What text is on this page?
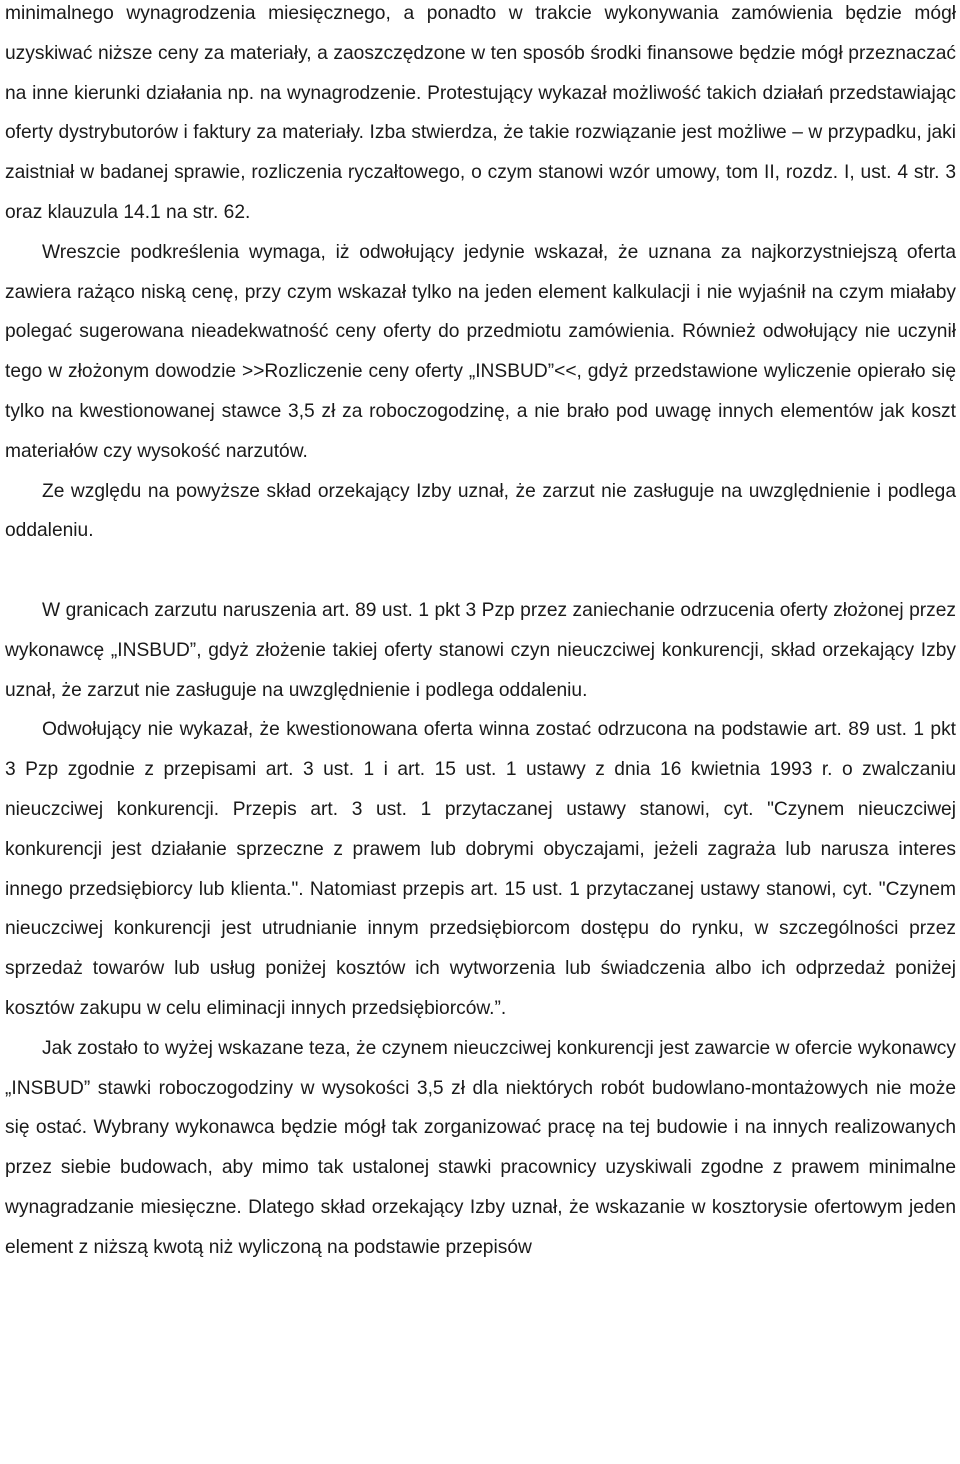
minimalnego wynagrodzenia miesięcznego, a ponadto w trakcie wykonywania zamówienia będzie mógł uzyskiwać niższe ceny za materiały, a zaoszczędzone w ten sposób środki finansowe będzie mógł przeznaczać na inne kierunki działania np. na wynagrodzenie. Protestujący wykazał możliwość takich działań przedstawiając oferty dystrybutorów i faktury za materiały. Izba stwierdza, że takie rozwiązanie jest możliwe – w przypadku, jaki zaistniał w badanej sprawie, rozliczenia ryczałtowego, o czym stanowi wzór umowy, tom II, rozdz. I, ust. 4 str. 3 oraz klauzula 14.1 na str. 62.

Wreszcie podkreślenia wymaga, iż odwołujący jedynie wskazał, że uznana za najkorzystniejszą oferta zawiera rażąco niską cenę, przy czym wskazał tylko na jeden element kalkulacji i nie wyjaśnił na czym miałaby polegać sugerowana nieadekwatność ceny oferty do przedmiotu zamówienia. Również odwołujący nie uczynił tego w złożonym dowodzie >>Rozliczenie ceny oferty „INSBUD”<<, gdyż przedstawione wyliczenie opierało się tylko na kwestionowanej stawce 3,5 zł za roboczogodzinę, a nie brało pod uwagę innych elementów jak koszt materiałów czy wysokość narzutów.

Ze względu na powyższe skład orzekający Izby uznał, że zarzut nie zasługuje na uwzględnienie i podlega oddaleniu.

W granicach zarzutu naruszenia art. 89 ust. 1 pkt 3 Pzp przez zaniechanie odrzucenia oferty złożonej przez wykonawcę „INSBUD”, gdyż złożenie takiej oferty stanowi czyn nieuczciwej konkurencji, skład orzekający Izby uznał, że zarzut nie zasługuje na uwzględnienie i podlega oddaleniu.

Odwołujący nie wykazał, że kwestionowana oferta winna zostać odrzucona na podstawie art. 89 ust. 1 pkt 3 Pzp zgodnie z przepisami art. 3 ust. 1 i art. 15 ust. 1 ustawy z dnia 16 kwietnia 1993 r. o zwalczaniu nieuczciwej konkurencji. Przepis art. 3 ust. 1 przytaczanej ustawy stanowi, cyt. "Czynem nieuczciwej konkurencji jest działanie sprzeczne z prawem lub dobrymi obyczajami, jeżeli zagraża lub narusza interes innego przedsiębiorcy lub klienta.". Natomiast przepis art. 15 ust. 1 przytaczanej ustawy stanowi, cyt. "Czynem nieuczciwej konkurencji jest utrudnianie innym przedsiębiorcom dostępu do rynku, w szczególności przez sprzedaż towarów lub usług poniżej kosztów ich wytworzenia lub świadczenia albo ich odprzedaż poniżej kosztów zakupu w celu eliminacji innych przedsiębiorców.”.

Jak zostało to wyżej wskazane teza, że czynem nieuczciwej konkurencji jest zawarcie w ofercie wykonawcy „INSBUD” stawki roboczogodziny w wysokości 3,5 zł dla niektórych robót budowlano-montażowych nie może się ostać. Wybrany wykonawca będzie mógł tak zorganizować pracę na tej budowie i na innych realizowanych przez siebie budowach, aby mimo tak ustalonej stawki pracownicy uzyskiwali zgodne z prawem minimalne wynagradzanie miesięczne. Dlatego skład orzekający Izby uznał, że wskazanie w kosztorysie ofertowym jeden element z niższą kwotą niż wyliczoną na podstawie przepisów
